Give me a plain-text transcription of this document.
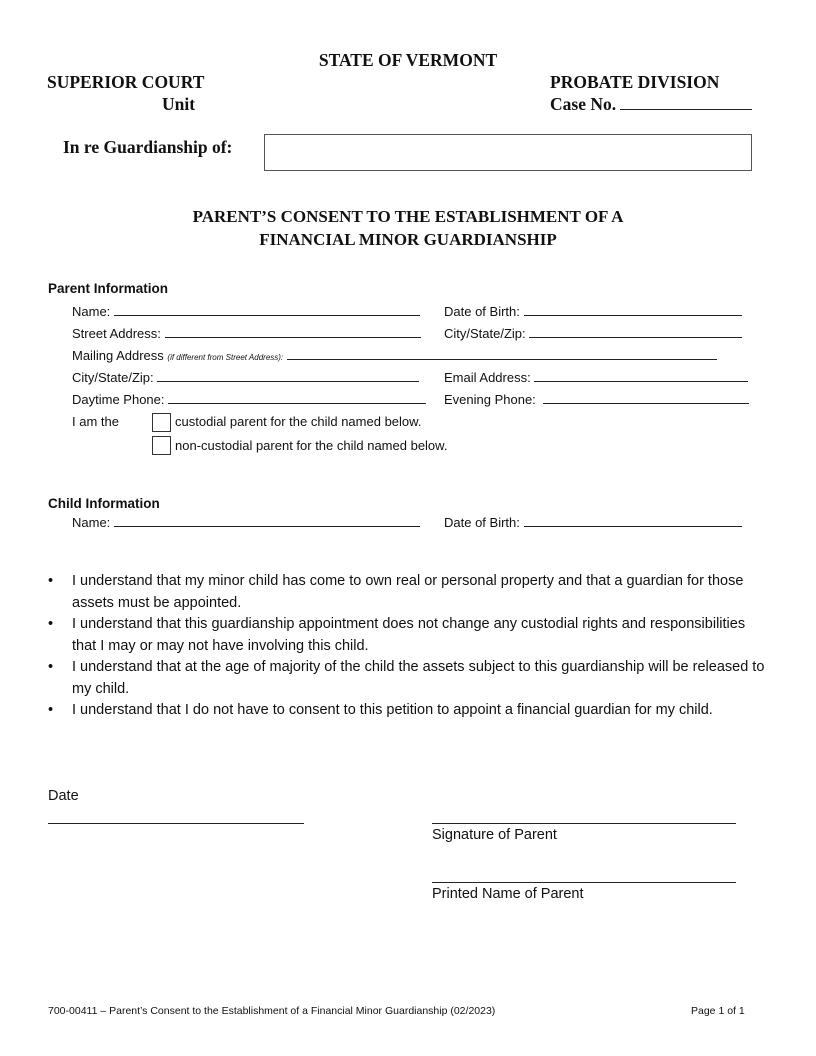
STATE OF VERMONT
SUPERIOR COURT
Unit
PROBATE DIVISION
Case No.
In re Guardianship of:
PARENT’S CONSENT TO THE ESTABLISHMENT OF A
FINANCIAL MINOR GUARDIANSHIP
Parent Information
Name:	Date of Birth:
Street Address:	City/State/Zip:
Mailing Address (if different from Street Address):
City/State/Zip:	Email Address:
Daytime Phone:	Evening Phone:
I am the	custodial parent for the child named below.
non-custodial parent for the child named below.
Child Information
Name:	Date of Birth:
• I understand that my minor child has come to own real or personal property and that a guardian for those assets must be appointed.
• I understand that this guardianship appointment does not change any custodial rights and responsibilities that I may or may not have involving this child.
• I understand that at the age of majority of the child the assets subject to this guardianship will be released to my child.
• I understand that I do not have to consent to this petition to appoint a financial guardian for my child.
Date
Signature of Parent
Printed Name of Parent
700-00411 – Parent’s Consent to the Establishment of a Financial Minor Guardianship (02/2023)	Page 1 of 1
